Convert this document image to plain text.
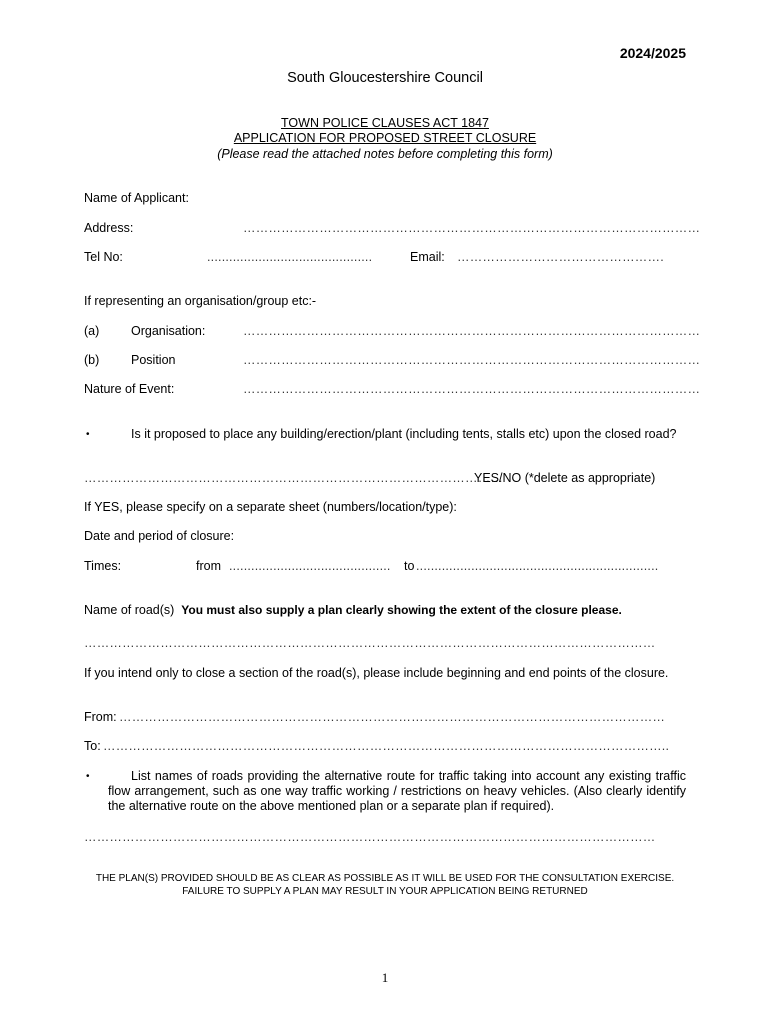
2024/2025
South Gloucestershire Council
TOWN POLICE CLAUSES ACT 1847
APPLICATION FOR PROPOSED STREET CLOSURE
(Please read the attached notes before completing this form)
Name of Applicant:
Address:	………………………………………………………………………………………………
Tel No:	.............................................	Email: ………………………………………….
If representing an organisation/group etc:-
(a)	Organisation:	………………………………………………………………………………………………
(b)	Position	………………………………………………………………………………………………
Nature of Event:	………………………………………………………………………………………………
•	Is it proposed to place any building/erection/plant (including tents, stalls etc) upon the closed road?
………………………………………………………………………………………
YES/NO (*delete as appropriate)
If YES, please specify on a separate sheet (numbers/location/type):
Date and period of closure:
Times:	from ............................................	to ..................................................................
Name of road(s) You must also supply a plan clearly showing the extent of the closure please.
………………………………………………………………………………………………………………………
If you intend only to close a section of the road(s), please include beginning and end points of the closure.
From: …………………………………………………………………………………………………………………
To: ……………………………………………………………………………………………………………………..
•	List names of roads providing the alternative route for traffic taking into account any existing traffic flow arrangement, such as one way traffic working / restrictions on heavy vehicles. (Also clearly identify the alternative route on the above mentioned plan or a separate plan if required).
………………………………………………………………………………………………………………………
THE PLAN(S) PROVIDED SHOULD BE AS CLEAR AS POSSIBLE AS IT WILL BE USED FOR THE CONSULTATION EXERCISE. FAILURE TO SUPPLY A PLAN MAY RESULT IN YOUR APPLICATION BEING RETURNED
1
